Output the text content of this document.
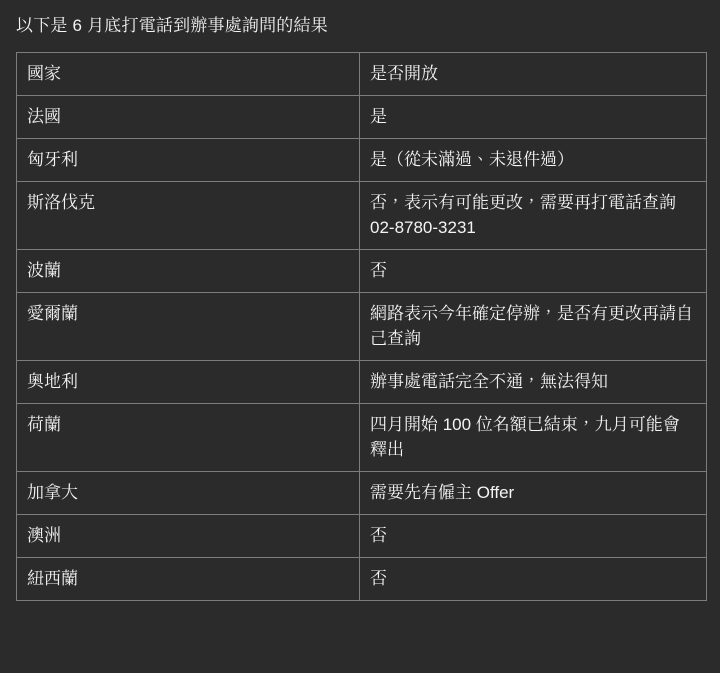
以下是 6 月底打電話到辦事處詢問的結果

國家	是否開放

法國	是

匈牙利	是（從未滿過、未退件過）

斯洛伐克	否，表示有可能更改，需要再打電話查詢 02-8780-3231

波蘭	否

愛爾蘭	網路表示今年確定停辦，是否有更改再請自己查詢

奧地利	辦事處電話完全不通，無法得知

荷蘭	四月開始 100 位名額已結束，九月可能會釋出

加拿大	需要先有僱主 Offer

澳洲	否

紐西蘭	否
